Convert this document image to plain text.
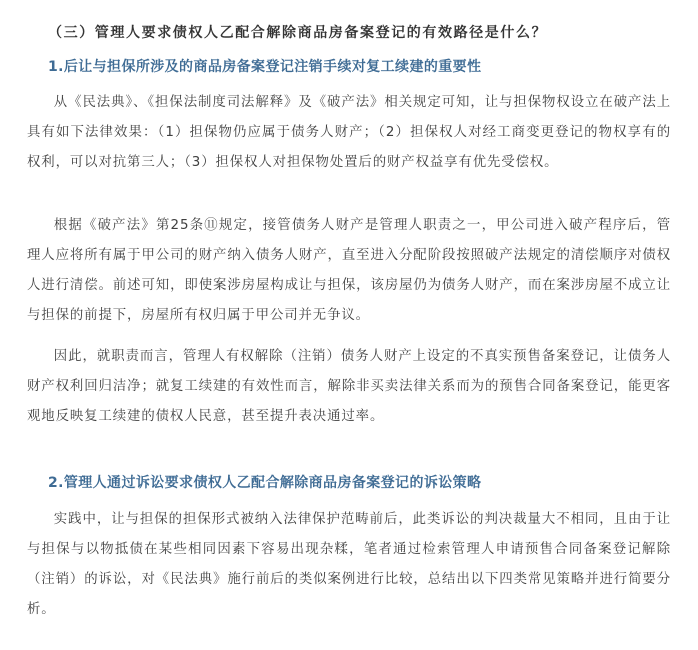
（三）管理人要求债权人乙配合解除商品房备案登记的有效路径是什么？
1.后让与担保所涉及的商品房备案登记注销手续对复工续建的重要性
从《民法典》、《担保法制度司法解释》及《破产法》相关规定可知，让与担保物权设立在破产法上具有如下法律效果：（1）担保物仍应属于债务人财产；（2）担保权人对经工商变更登记的物权享有的权利，可以对抗第三人；（3）担保权人对担保物处置后的财产权益享有优先受偿权。
根据《破产法》第25条⑪规定，接管债务人财产是管理人职责之一，甲公司进入破产程序后，管理人应将所有属于甲公司的财产纳入债务人财产，直至进入分配阶段按照破产法规定的清偿顺序对债权人进行清偿。前述可知，即使案涉房屋构成让与担保，该房屋仍为债务人财产，而在案涉房屋不成立让与担保的前提下，房屋所有权归属于甲公司并无争议。
因此，就职责而言，管理人有权解除（注销）债务人财产上设定的不真实预售备案登记，让债务人财产权利回归洁净；就复工续建的有效性而言，解除非买卖法律关系而为的预售合同备案登记，能更客观地反映复工续建的债权人民意，甚至提升表决通过率。
2.管理人通过诉讼要求债权人乙配合解除商品房备案登记的诉讼策略
实践中，让与担保的担保形式被纳入法律保护范畴前后，此类诉讼的判决裁量大不相同，且由于让与担保与以物抵债在某些相同因素下容易出现杂糅，笔者通过检索管理人申请预售合同备案登记解除（注销）的诉讼，对《民法典》施行前后的类似案例进行比较，总结出以下四类常见策略并进行简要分析。
